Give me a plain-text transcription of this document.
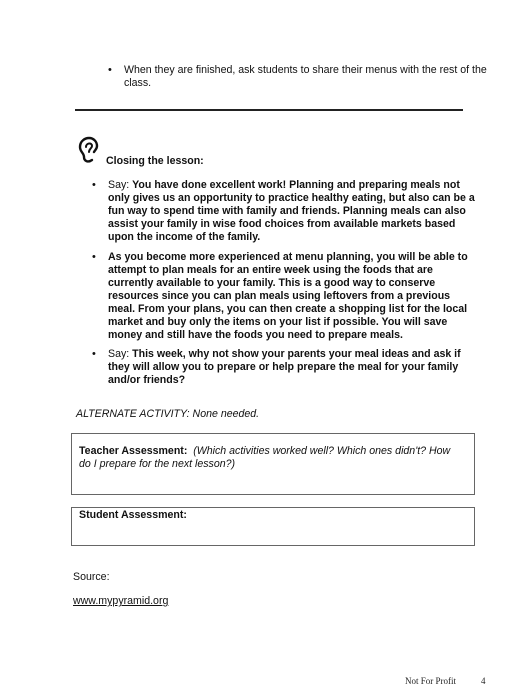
•	When they are finished, ask students to share their menus with the rest of the class.
Closing the lesson:
•	Say: You have done excellent work! Planning and preparing meals not only gives us an opportunity to practice healthy eating, but also can be a fun way to spend time with family and friends. Planning meals can also assist your family in wise food choices from available markets based upon the income of the family.
•	As you become more experienced at menu planning, you will be able to attempt to plan meals for an entire week using the foods that are currently available to your family. This is a good way to conserve resources since you can plan meals using leftovers from a previous meal. From your plans, you can then create a shopping list for the local market and buy only the items on your list if possible. You will save money and still have the foods you need to prepare meals.
•	Say: This week, why not show your parents your meal ideas and ask if they will allow you to prepare or help prepare the meal for your family and/or friends?
ALTERNATE ACTIVITY: None needed.
Teacher Assessment: (Which activities worked well? Which ones didn't? How do I prepare for the next lesson?)
Student Assessment:
Source:
www.mypyramid.org
Not For Profit	4
